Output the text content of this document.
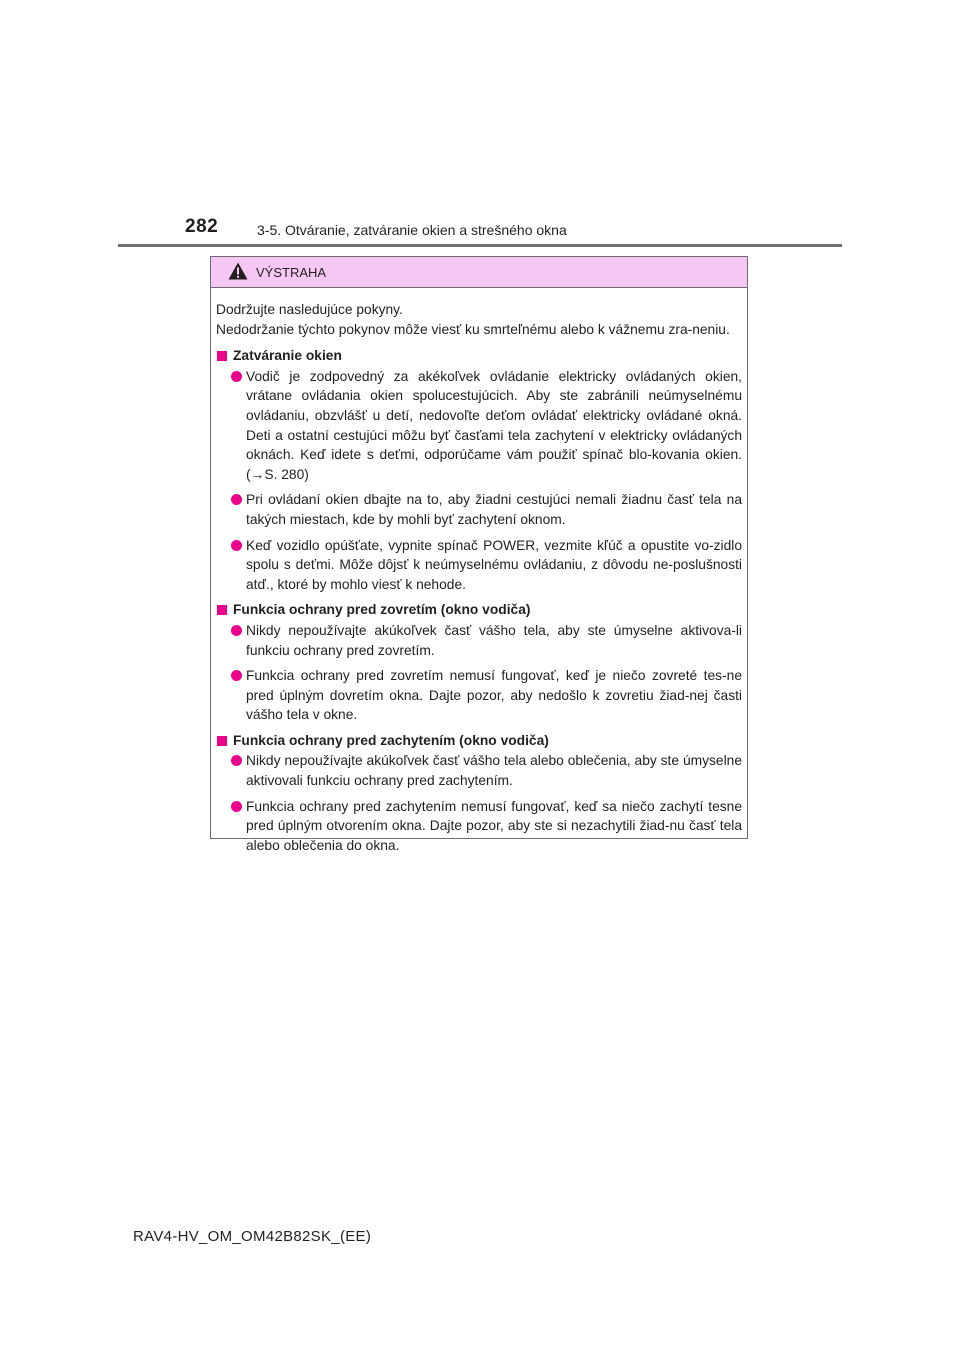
282	3-5. Otváranie, zatváranie okien a strešného okna
VÝSTRAHA

Dodržujte nasledujúce pokyny.
Nedodržanie týchto pokynov môže viesť ku smrteľnému alebo k vážnemu zra-neniu.

Zatváranie okien
Vodič je zodpovedný za akékoľvek ovládanie elektricky ovládaných okien, vrátane ovládania okien spolucestujúcich. Aby ste zabránili neúmyselnému ovládaniu, obzvlášť u detí, nedovoľte deťom ovládať elektricky ovládané okná. Deti a ostatní cestujúci môžu byť časťami tela zachytení v elektricky ovládaných oknách. Keď idete s deťmi, odporúčame vám použiť spínač blo-kovania okien. (→S. 280)
Pri ovládaní okien dbajte na to, aby žiadni cestujúci nemali žiadnu časť tela na takých miestach, kde by mohli byť zachytení oknom.
Keď vozidlo opúšťate, vypnite spínač POWER, vezmite kľúč a opustite vo-zidlo spolu s deťmi. Môže dôjsť k neúmyselnému ovládaniu, z dôvodu ne-poslušnosti atď., ktoré by mohlo viesť k nehode.
Funkcia ochrany pred zovretím (okno vodiča)
Nikdy nepoužívajte akúkoľvek časť vášho tela, aby ste úmyselne aktivova-li funkciu ochrany pred zovretím.
Funkcia ochrany pred zovretím nemusí fungovať, keď je niečo zovreté tes-ne pred úplným dovretím okna. Dajte pozor, aby nedošlo k zovretiu žiad-nej časti vášho tela v okne.
Funkcia ochrany pred zachytením (okno vodiča)
Nikdy nepoužívajte akúkoľvek časť vášho tela alebo oblečenia, aby ste úmyselne aktivovali funkciu ochrany pred zachytením.
Funkcia ochrany pred zachytením nemusí fungovať, keď sa niečo zachytí tesne pred úplným otvorením okna. Dajte pozor, aby ste si nezachytili žiad-nu časť tela alebo oblečenia do okna.
RAV4-HV_OM_OM42B82SK_(EE)
